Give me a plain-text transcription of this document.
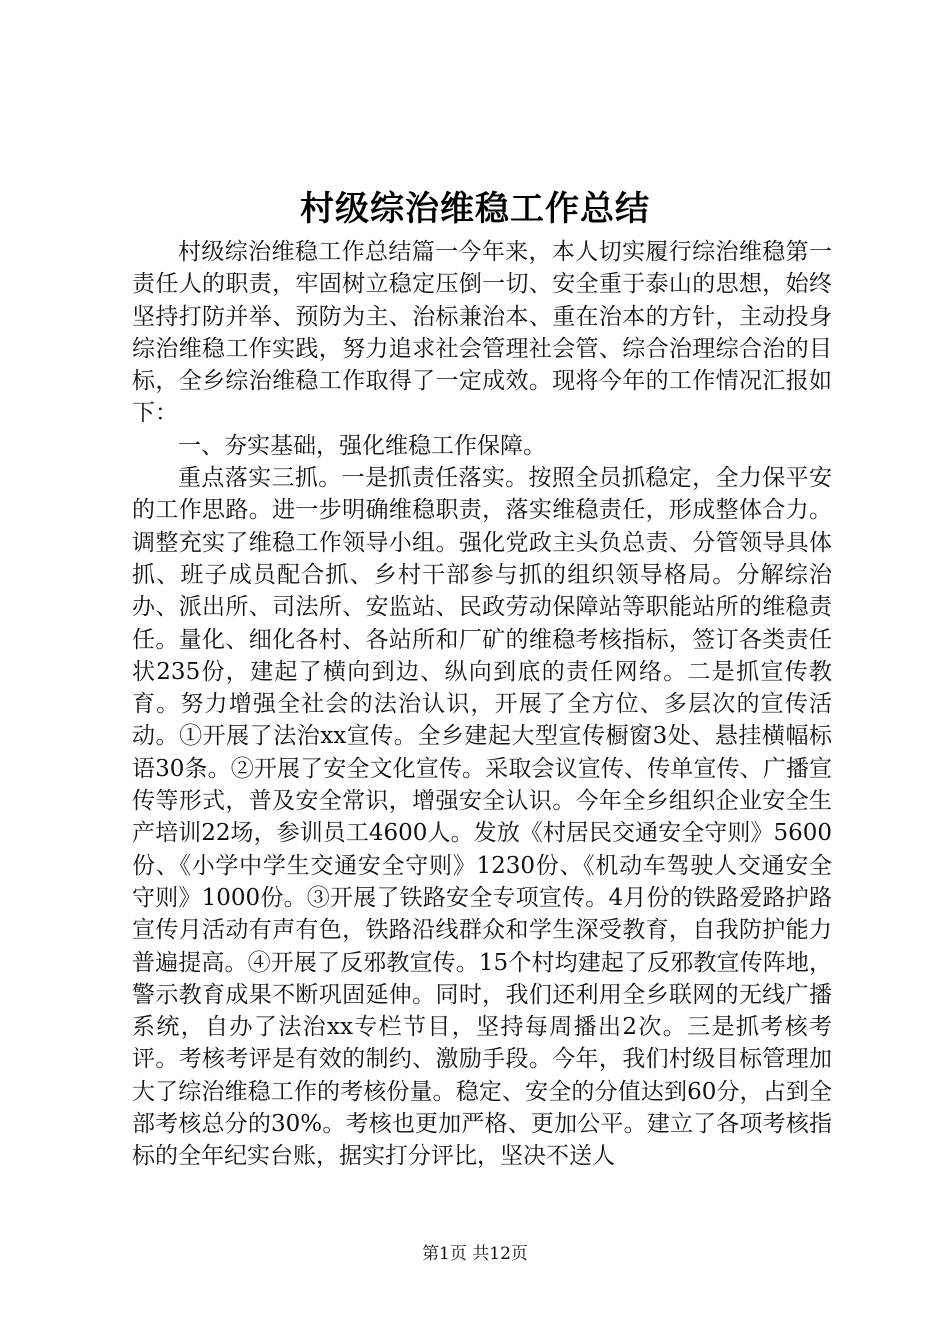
村级综治维稳工作总结

村级综治维稳工作总结篇一今年来，本人切实履行综治维稳第一责任人的职责，牢固树立稳定压倒一切、安全重于泰山的思想，始终坚持打防并举、预防为主、治标兼治本、重在治本的方针，主动投身综治维稳工作实践，努力追求社会管理社会管、综合治理综合治的目标，全乡综治维稳工作取得了一定成效。现将今年的工作情况汇报如下：

一、夯实基础，强化维稳工作保障。

重点落实三抓。一是抓责任落实。按照全员抓稳定，全力保平安的工作思路。进一步明确维稳职责，落实维稳责任，形成整体合力。调整充实了维稳工作领导小组。强化党政主头负总责、分管领导具体抓、班子成员配合抓、乡村干部参与抓的组织领导格局。分解综治办、派出所、司法所、安监站、民政劳动保障站等职能站所的维稳责任。量化、细化各村、各站所和厂矿的维稳考核指标，签订各类责任状235份，建起了横向到边、纵向到底的责任网络。二是抓宣传教育。努力增强全社会的法治认识，开展了全方位、多层次的宣传活动。①开展了法治xx宣传。全乡建起大型宣传橱窗3处、悬挂横幅标语30条。②开展了安全文化宣传。采取会议宣传、传单宣传、广播宣传等形式，普及安全常识，增强安全认识。今年全乡组织企业安全生产培训22场，参训员工4600人。发放《村居民交通安全守则》5600份、《小学中学生交通安全守则》1230份、《机动车驾驶人交通安全守则》1000份。③开展了铁路安全专项宣传。4月份的铁路爱路护路宣传月活动有声有色，铁路沿线群众和学生深受教育，自我防护能力普遍提高。④开展了反邪教宣传。15个村均建起了反邪教宣传阵地，警示教育成果不断巩固延伸。同时，我们还利用全乡联网的无线广播系统，自办了法治xx专栏节目，坚持每周播出2次。三是抓考核考评。考核考评是有效的制约、激励手段。今年，我们村级目标管理加大了综治维稳工作的考核份量。稳定、安全的分值达到60分，占到全部考核总分的30%。考核也更加严格、更加公平。建立了各项考核指标的全年纪实台账，据实打分评比，坚决不送人

第1页 共12页
